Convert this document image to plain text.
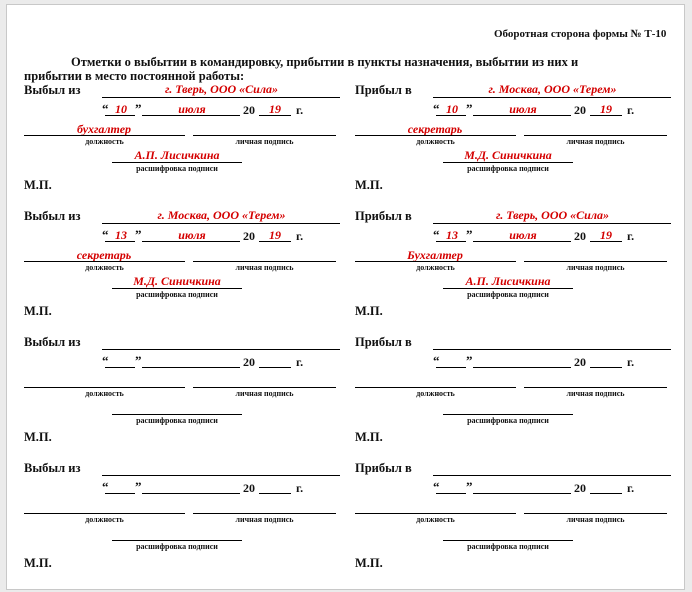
Оборотная сторона формы № Т-10
Отметки о выбытии в командировку, прибытии в пункты назначения, выбытии из них и
прибытии в место постоянной работы:
Выбыл из	г. Тверь, ООО «Сила»
“ 10 ”	июля	20	19	г.
бухгалтер
должность	личная подпись
А.П. Лисичкина
расшифровка подписи
М.П.
Прибыл в	г. Москва, ООО «Терем»
“ 10 ”	июля	20	19	г.
секретарь
должность	личная подпись
М.Д. Синичкина
расшифровка подписи
М.П.
Выбыл из	г. Москва, ООО «Терем»
“ 13 ”	июля	20	19	г.
секретарь
должность	личная подпись
М.Д. Синичкина
расшифровка подписи
М.П.
Прибыл в	г. Тверь, ООО «Сила»
“ 13 ”	июля	20	19	г.
Бухгалтер
должность	личная подпись
А.П. Лисичкина
расшифровка подписи
М.П.
Выбыл из
“ ”	20	г.
должность	личная подпись
расшифровка подписи
М.П.
Прибыл в
“ ”	20	г.
должность	личная подпись
расшифровка подписи
М.П.
Выбыл из
“ ”	20	г.
должность	личная подпись
расшифровка подписи
М.П.
Прибыл в
“ ”	20	г.
должность	личная подпись
расшифровка подписи
М.П.
